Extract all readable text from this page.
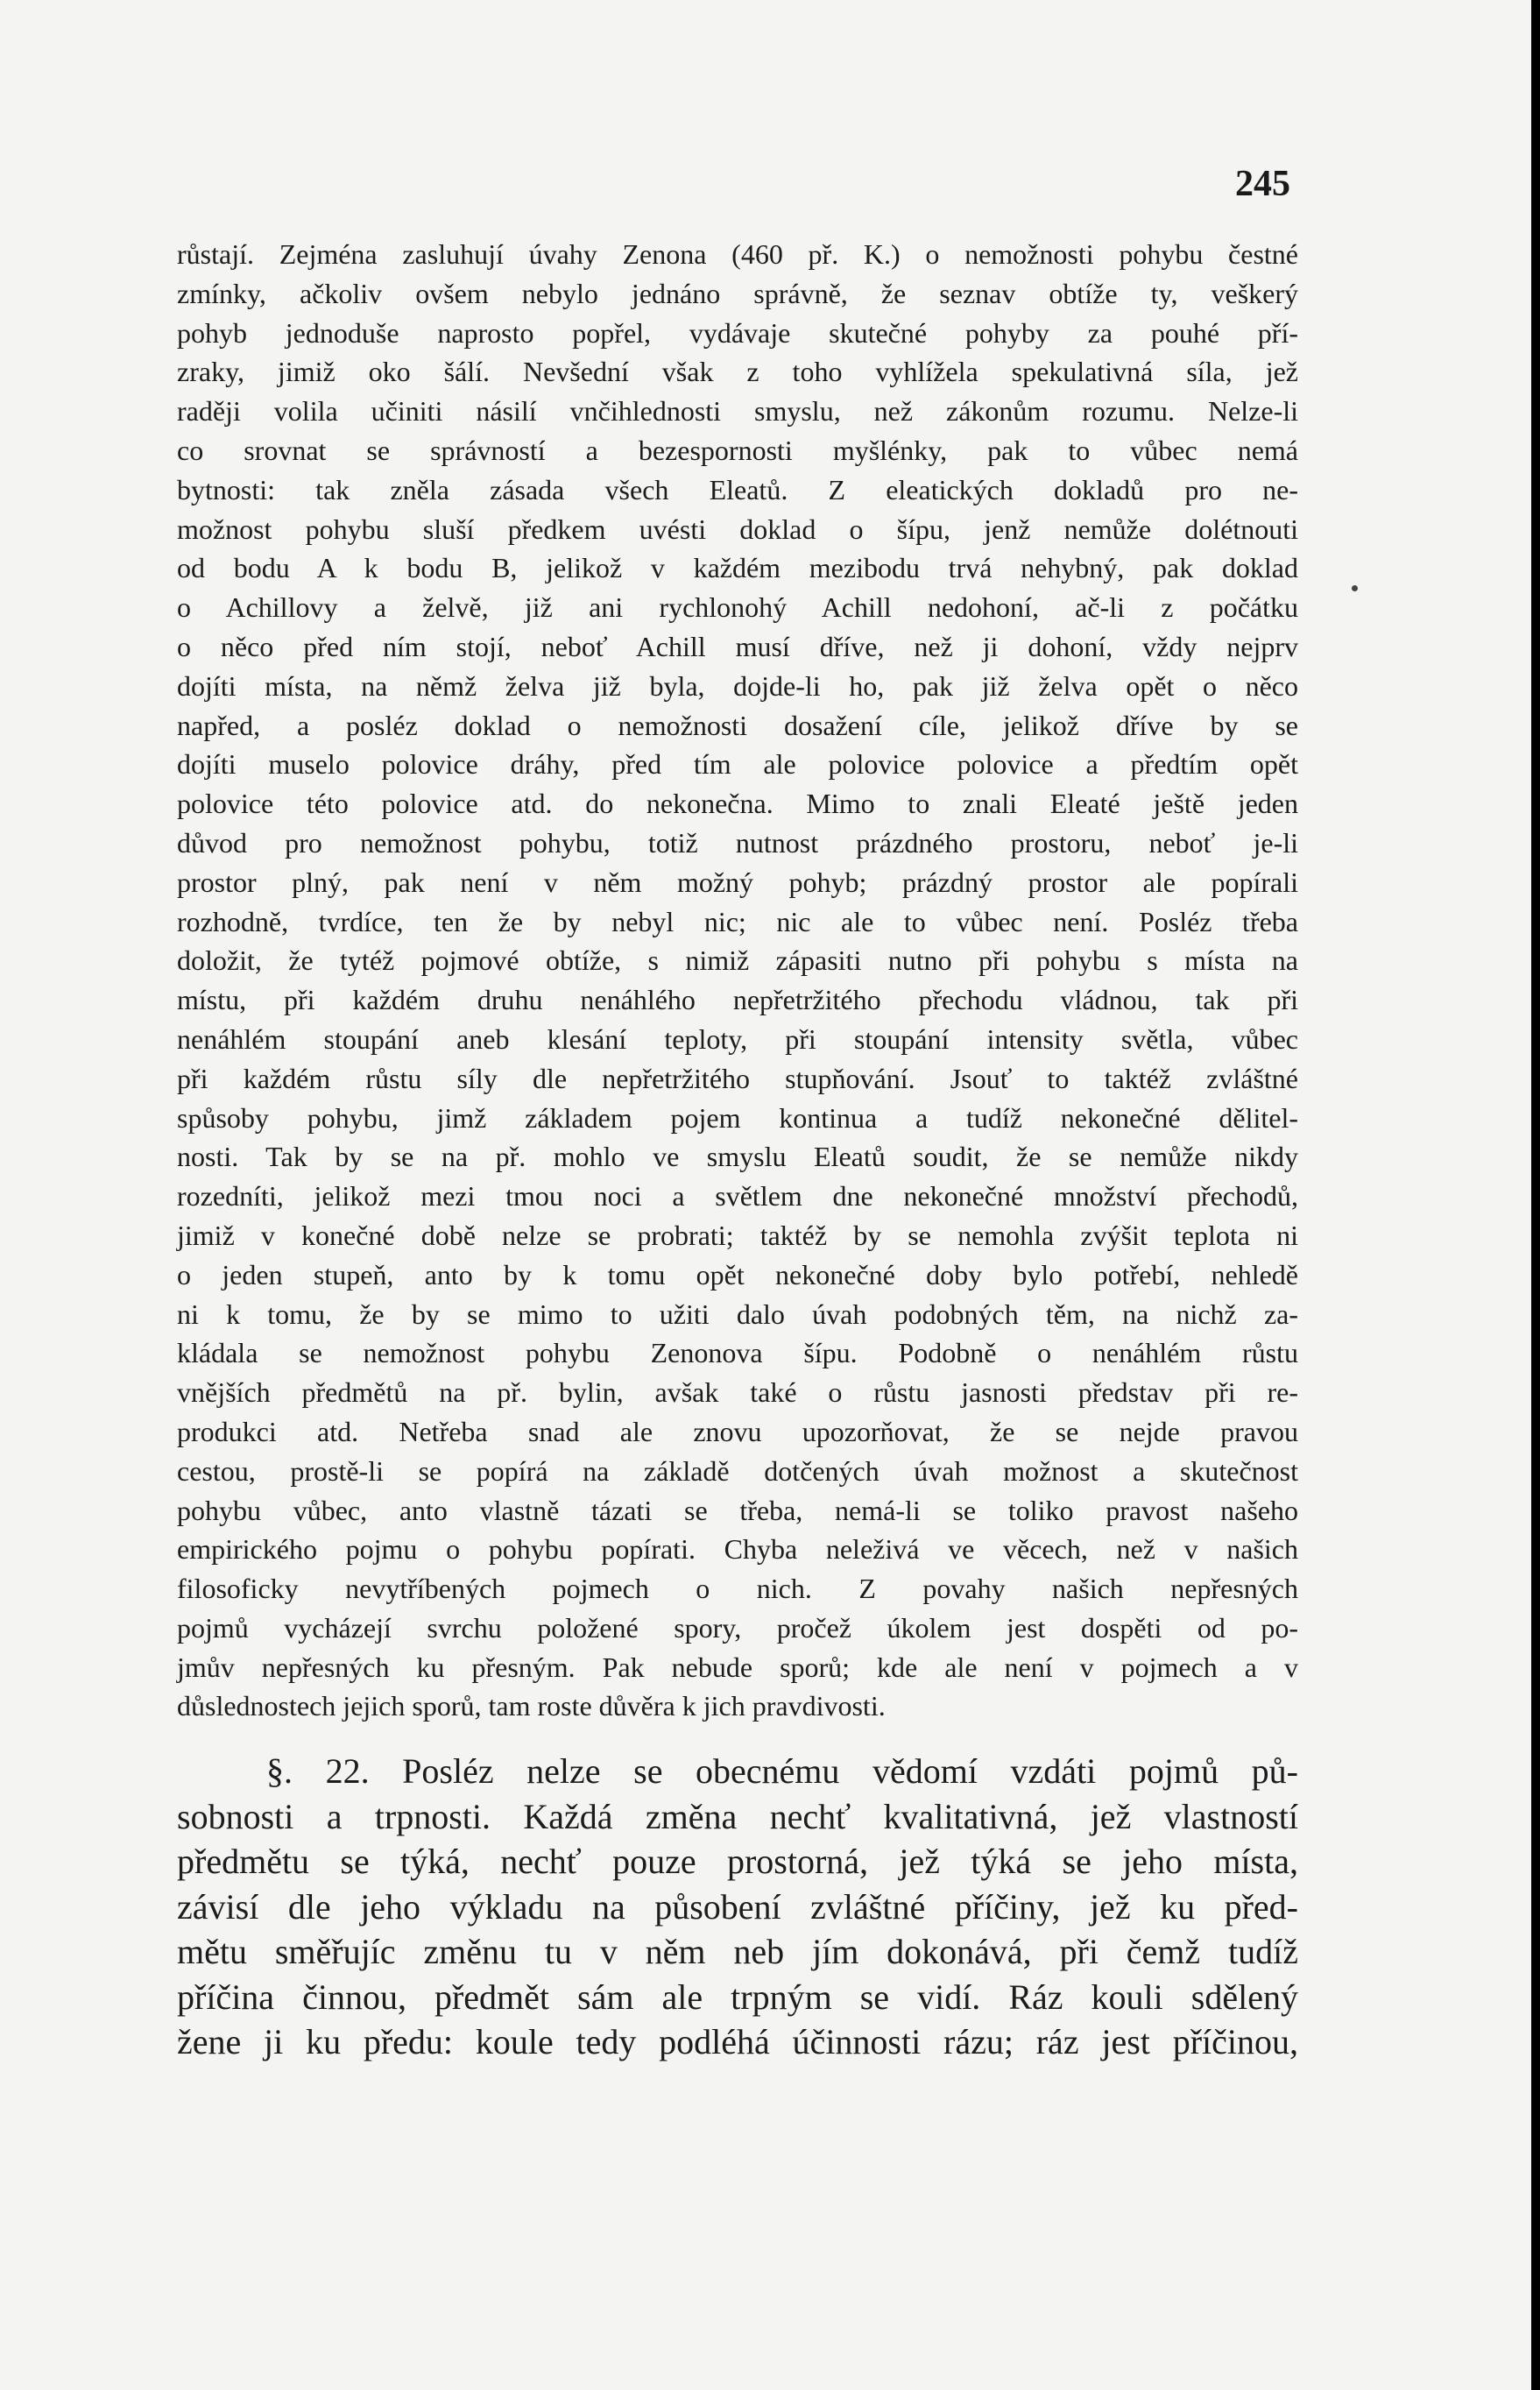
245
růstají. Zejména zasluhují úvahy Zenona (460 př. K.) o nemožnosti pohybu čestné
zmínky, ačkoliv ovšem nebylo jednáno správně, že seznav obtíže ty, veškerý
pohyb jednoduše naprosto popřel, vydávaje skutečné pohyby za pouhé pří-
zraky, jimiž oko šálí. Nevšední však z toho vyhlížela spekulativná síla, jež
raději volila učiniti násilí vnčihlednosti smyslu, než zákonům rozumu. Nelze-li
co srovnat se správností a bezespornosti myšlénky, pak to vůbec nemá
bytnosti: tak zněla zásada všech Eleatů. Z eleatických dokladů pro ne-
možnost pohybu sluší předkem uvésti doklad o šípu, jenž nemůže dolétnouti
od bodu A k bodu B, jelikož v každém mezibodu trvá nehybný, pak doklad
o Achillovy a želvě, již ani rychlonohý Achill nedohoní, ač-li z počátku
o něco před ním stojí, neboť Achill musí dříve, než ji dohoní, vždy nejprv
dojíti místa, na němž želva již byla, dojde-li ho, pak již želva opět o něco
napřed, a posléz doklad o nemožnosti dosažení cíle, jelikož dříve by se
dojíti muselo polovice dráhy, před tím ale polovice polovice a předtím opět
polovice této polovice atd. do nekonečna. Mimo to znali Eleaté ještě jeden
důvod pro nemožnost pohybu, totiž nutnost prázdného prostoru, neboť je-li
prostor plný, pak není v něm možný pohyb; prázdný prostor ale popírali
rozhodně, tvrdíce, ten že by nebyl nic; nic ale to vůbec není. Posléz třeba
doložit, že tytéž pojmové obtíže, s nimiž zápasiti nutno při pohybu s místa na
místu, při každém druhu nenáhlého nepřetržitého přechodu vládnou, tak při
nenáhlém stoupání aneb klesání teploty, při stoupání intensity světla, vůbec
při každém růstu síly dle nepřetržitého stupňování. Jsouť to taktéž zvláštné
spůsoby pohybu, jimž základem pojem kontinua a tudíž nekonečné dělitel-
nosti. Tak by se na př. mohlo ve smyslu Eleatů soudit, že se nemůže nikdy
rozedníti, jelikož mezi tmou noci a světlem dne nekonečné množství přechodů,
jimiž v konečné době nelze se probrati; taktéž by se nemohla zvýšit teplota ni
o jeden stupeň, anto by k tomu opět nekonečné doby bylo potřebí, nehledě
ni k tomu, že by se mimo to užiti dalo úvah podobných těm, na nichž za-
kládala se nemožnost pohybu Zenonova šípu. Podobně o nenáhlém růstu
vnějších předmětů na př. bylin, avšak také o růstu jasnosti představ při re-
produkci atd. Netřeba snad ale znovu upozorňovat, že se nejde pravou
cestou, prostě-li se popírá na základě dotčených úvah možnost a skutečnost
pohybu vůbec, anto vlastně tázati se třeba, nemá-li se toliko pravost našeho
empirického pojmu o pohybu popírati. Chyba neleživá ve věcech, než v našich
filosoficky nevytříbených pojmech o nich. Z povahy našich nepřesných
pojmů vycházejí svrchu položené spory, pročež úkolem jest dospěti od po-
jmův nepřesných ku přesným. Pak nebude sporů; kde ale není v pojmech a v
důslednostech jejich sporů, tam roste důvěra k jich pravdivosti.
§. 22. Posléz nelze se obecnému vědomí vzdáti pojmů pů-
sobnosti a trpnosti. Každá změna nechť kvalitativná, jež vlastností
předmětu se týká, nechť pouze prostorná, jež týká se jeho místa,
závisí dle jeho výkladu na působení zvláštné příčiny, jež ku před-
mětu směřujíc změnu tu v něm neb jím dokonává, při čemž tudíž
příčina činnou, předmět sám ale trpným se vidí. Ráz kouli sdělený
žene ji ku předu: koule tedy podléhá účinnosti rázu; ráz jest příčinou,
